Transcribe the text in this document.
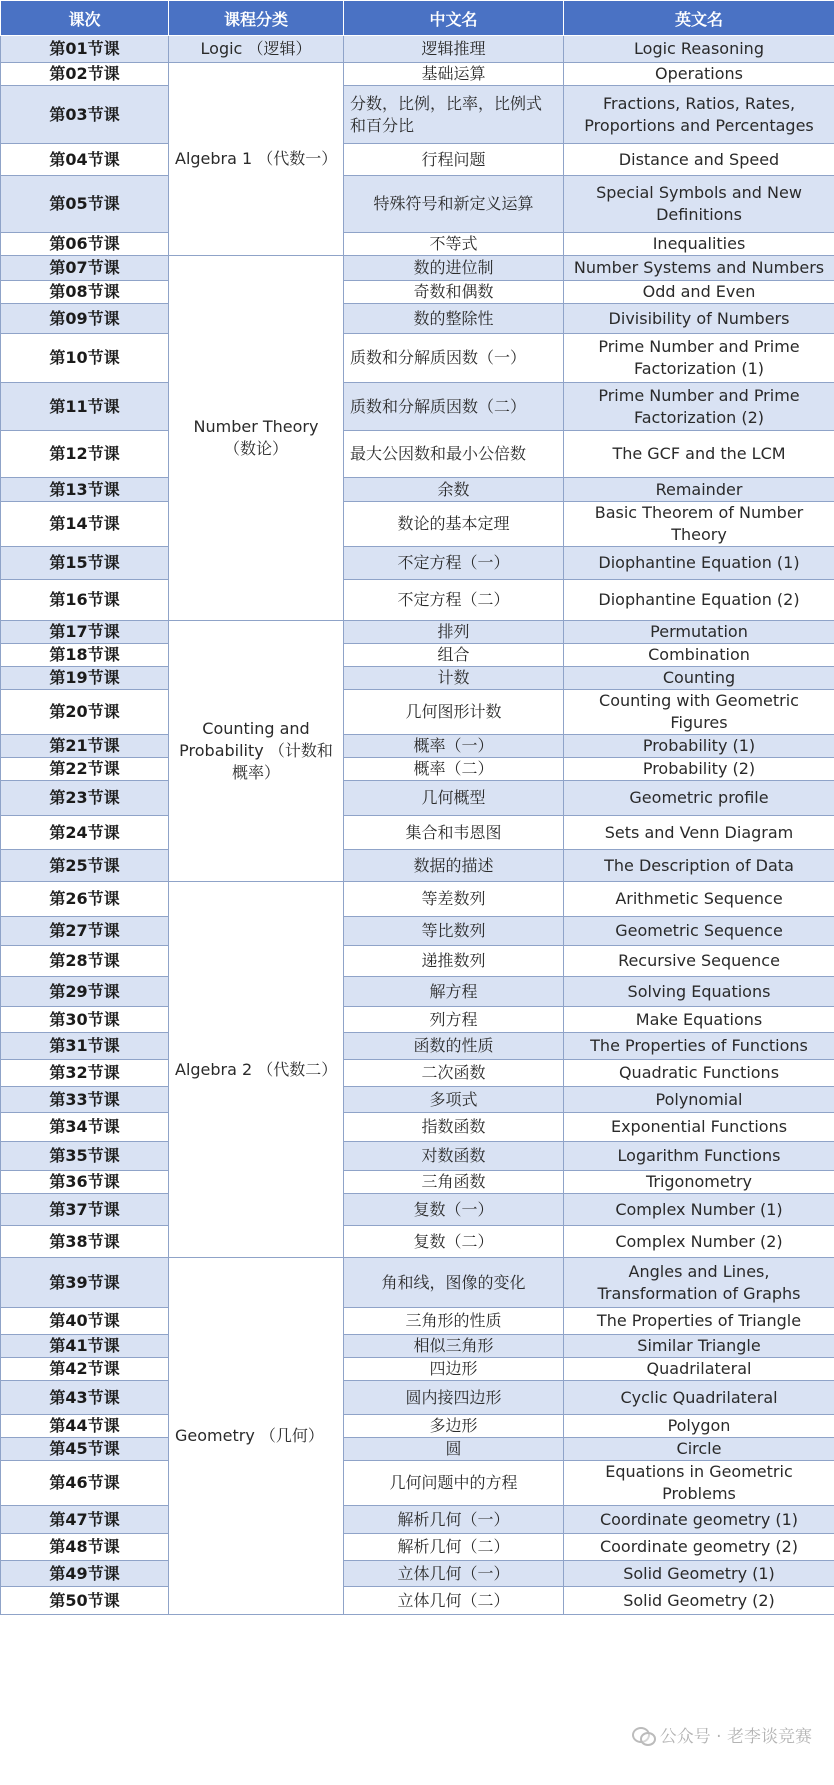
课次	课程分类	中文名	英文名
第01节课	Logic （逻辑）	逻辑推理	Logic Reasoning
第02节课	Algebra 1 （代数一）	基础运算	Operations
第03节课		分数，比例，比率，比例式和百分比	Fractions, Ratios, Rates, Proportions and Percentages
第04节课		行程问题	Distance and Speed
第05节课		特殊符号和新定义运算	Special Symbols and New Definitions
第06节课		不等式	Inequalities
第07节课	Number Theory （数论）	数的进位制	Number Systems and Numbers
第08节课		奇数和偶数	Odd and Even
第09节课		数的整除性	Divisibility of Numbers
第10节课		质数和分解质因数（一）	Prime Number and Prime Factorization (1)
第11节课		质数和分解质因数（二）	Prime Number and Prime Factorization (2)
第12节课		最大公因数和最小公倍数	The GCF and the LCM
第13节课		余数	Remainder
第14节课		数论的基本定理	Basic Theorem of Number Theory
第15节课		不定方程（一）	Diophantine Equation (1)
第16节课		不定方程（二）	Diophantine Equation (2)
第17节课	Counting and Probability （计数和概率）	排列	Permutation
第18节课		组合	Combination
第19节课		计数	Counting
第20节课		几何图形计数	Counting with Geometric Figures
第21节课		概率（一）	Probability (1)
第22节课		概率（二）	Probability (2)
第23节课		几何概型	Geometric profile
第24节课		集合和韦恩图	Sets and Venn Diagram
第25节课		数据的描述	The Description of Data
第26节课	Algebra 2 （代数二）	等差数列	Arithmetic Sequence
第27节课		等比数列	Geometric Sequence
第28节课		递推数列	Recursive Sequence
第29节课		解方程	Solving Equations
第30节课		列方程	Make Equations
第31节课		函数的性质	The Properties of Functions
第32节课		二次函数	Quadratic Functions
第33节课		多项式	Polynomial
第34节课		指数函数	Exponential Functions
第35节课		对数函数	Logarithm Functions
第36节课		三角函数	Trigonometry
第37节课		复数（一）	Complex Number (1)
第38节课		复数（二）	Complex Number (2)
第39节课	Geometry （几何）	角和线，图像的变化	Angles and Lines, Transformation of Graphs
第40节课		三角形的性质	The Properties of Triangle
第41节课		相似三角形	Similar Triangle
第42节课		四边形	Quadrilateral
第43节课		圆内接四边形	Cyclic Quadrilateral
第44节课		多边形	Polygon
第45节课		圆	Circle
第46节课		几何问题中的方程	Equations in Geometric Problems
第47节课		解析几何（一）	Coordinate geometry (1)
第48节课		解析几何（二）	Coordinate geometry (2)
第49节课		立体几何（一）	Solid Geometry (1)
第50节课		立体几何（二）	Solid Geometry (2)
公众号 · 老李谈竞赛
